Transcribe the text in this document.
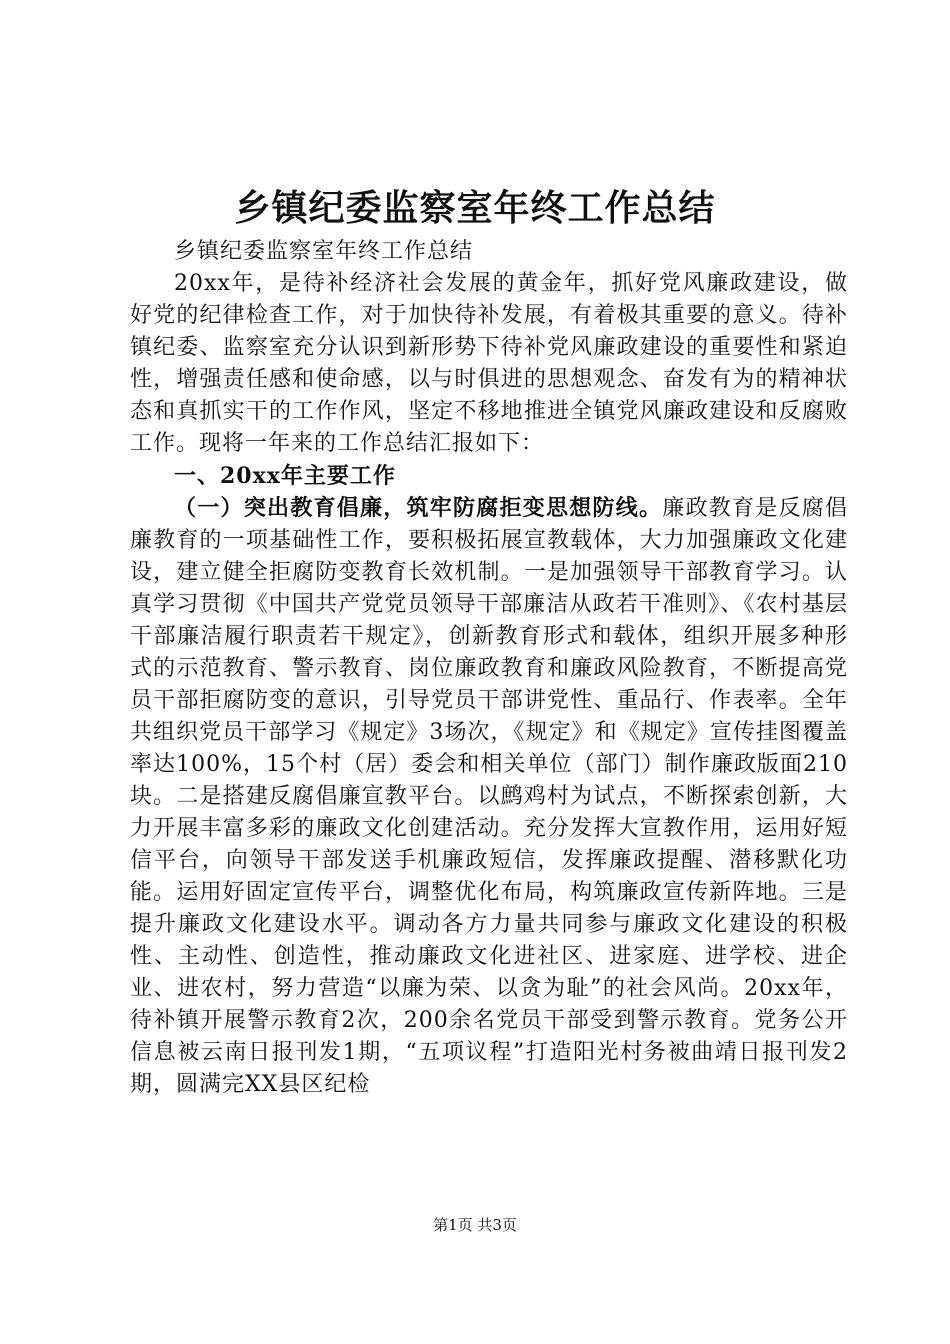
乡镇纪委监察室年终工作总结

乡镇纪委监察室年终工作总结

20xx年，是待补经济社会发展的黄金年，抓好党风廉政建设，做好党的纪律检查工作，对于加快待补发展，有着极其重要的意义。待补镇纪委、监察室充分认识到新形势下待补党风廉政建设的重要性和紧迫性，增强责任感和使命感，以与时俱进的思想观念、奋发有为的精神状态和真抓实干的工作作风，坚定不移地推进全镇党风廉政建设和反腐败工作。现将一年来的工作总结汇报如下：

一、20xx年主要工作

（一）突出教育倡廉，筑牢防腐拒变思想防线。廉政教育是反腐倡廉教育的一项基础性工作，要积极拓展宣教载体，大力加强廉政文化建设，建立健全拒腐防变教育长效机制。一是加强领导干部教育学习。认真学习贯彻《中国共产党党员领导干部廉洁从政若干准则》、《农村基层干部廉洁履行职责若干规定》，创新教育形式和载体，组织开展多种形式的示范教育、警示教育、岗位廉政教育和廉政风险教育，不断提高党员干部拒腐防变的意识，引导党员干部讲党性、重品行、作表率。全年共组织党员干部学习《规定》3场次，《规定》和《规定》宣传挂图覆盖率达100%，15个村（居）委会和相关单位（部门）制作廉政版面210块。二是搭建反腐倡廉宣教平台。以鹧鸡村为试点，不断探索创新，大力开展丰富多彩的廉政文化创建活动。充分发挥大宣教作用，运用好短信平台，向领导干部发送手机廉政短信，发挥廉政提醒、潜移默化功能。运用好固定宣传平台，调整优化布局，构筑廉政宣传新阵地。三是提升廉政文化建设水平。调动各方力量共同参与廉政文化建设的积极性、主动性、创造性，推动廉政文化进社区、进家庭、进学校、进企业、进农村，努力营造“以廉为荣、以贪为耻”的社会风尚。20xx年，待补镇开展警示教育2次，200余名党员干部受到警示教育。党务公开信息被云南日报刊发1期，“五项议程”打造阳光村务被曲靖日报刊发2期，圆满完XX县区纪检

第1页 共3页
